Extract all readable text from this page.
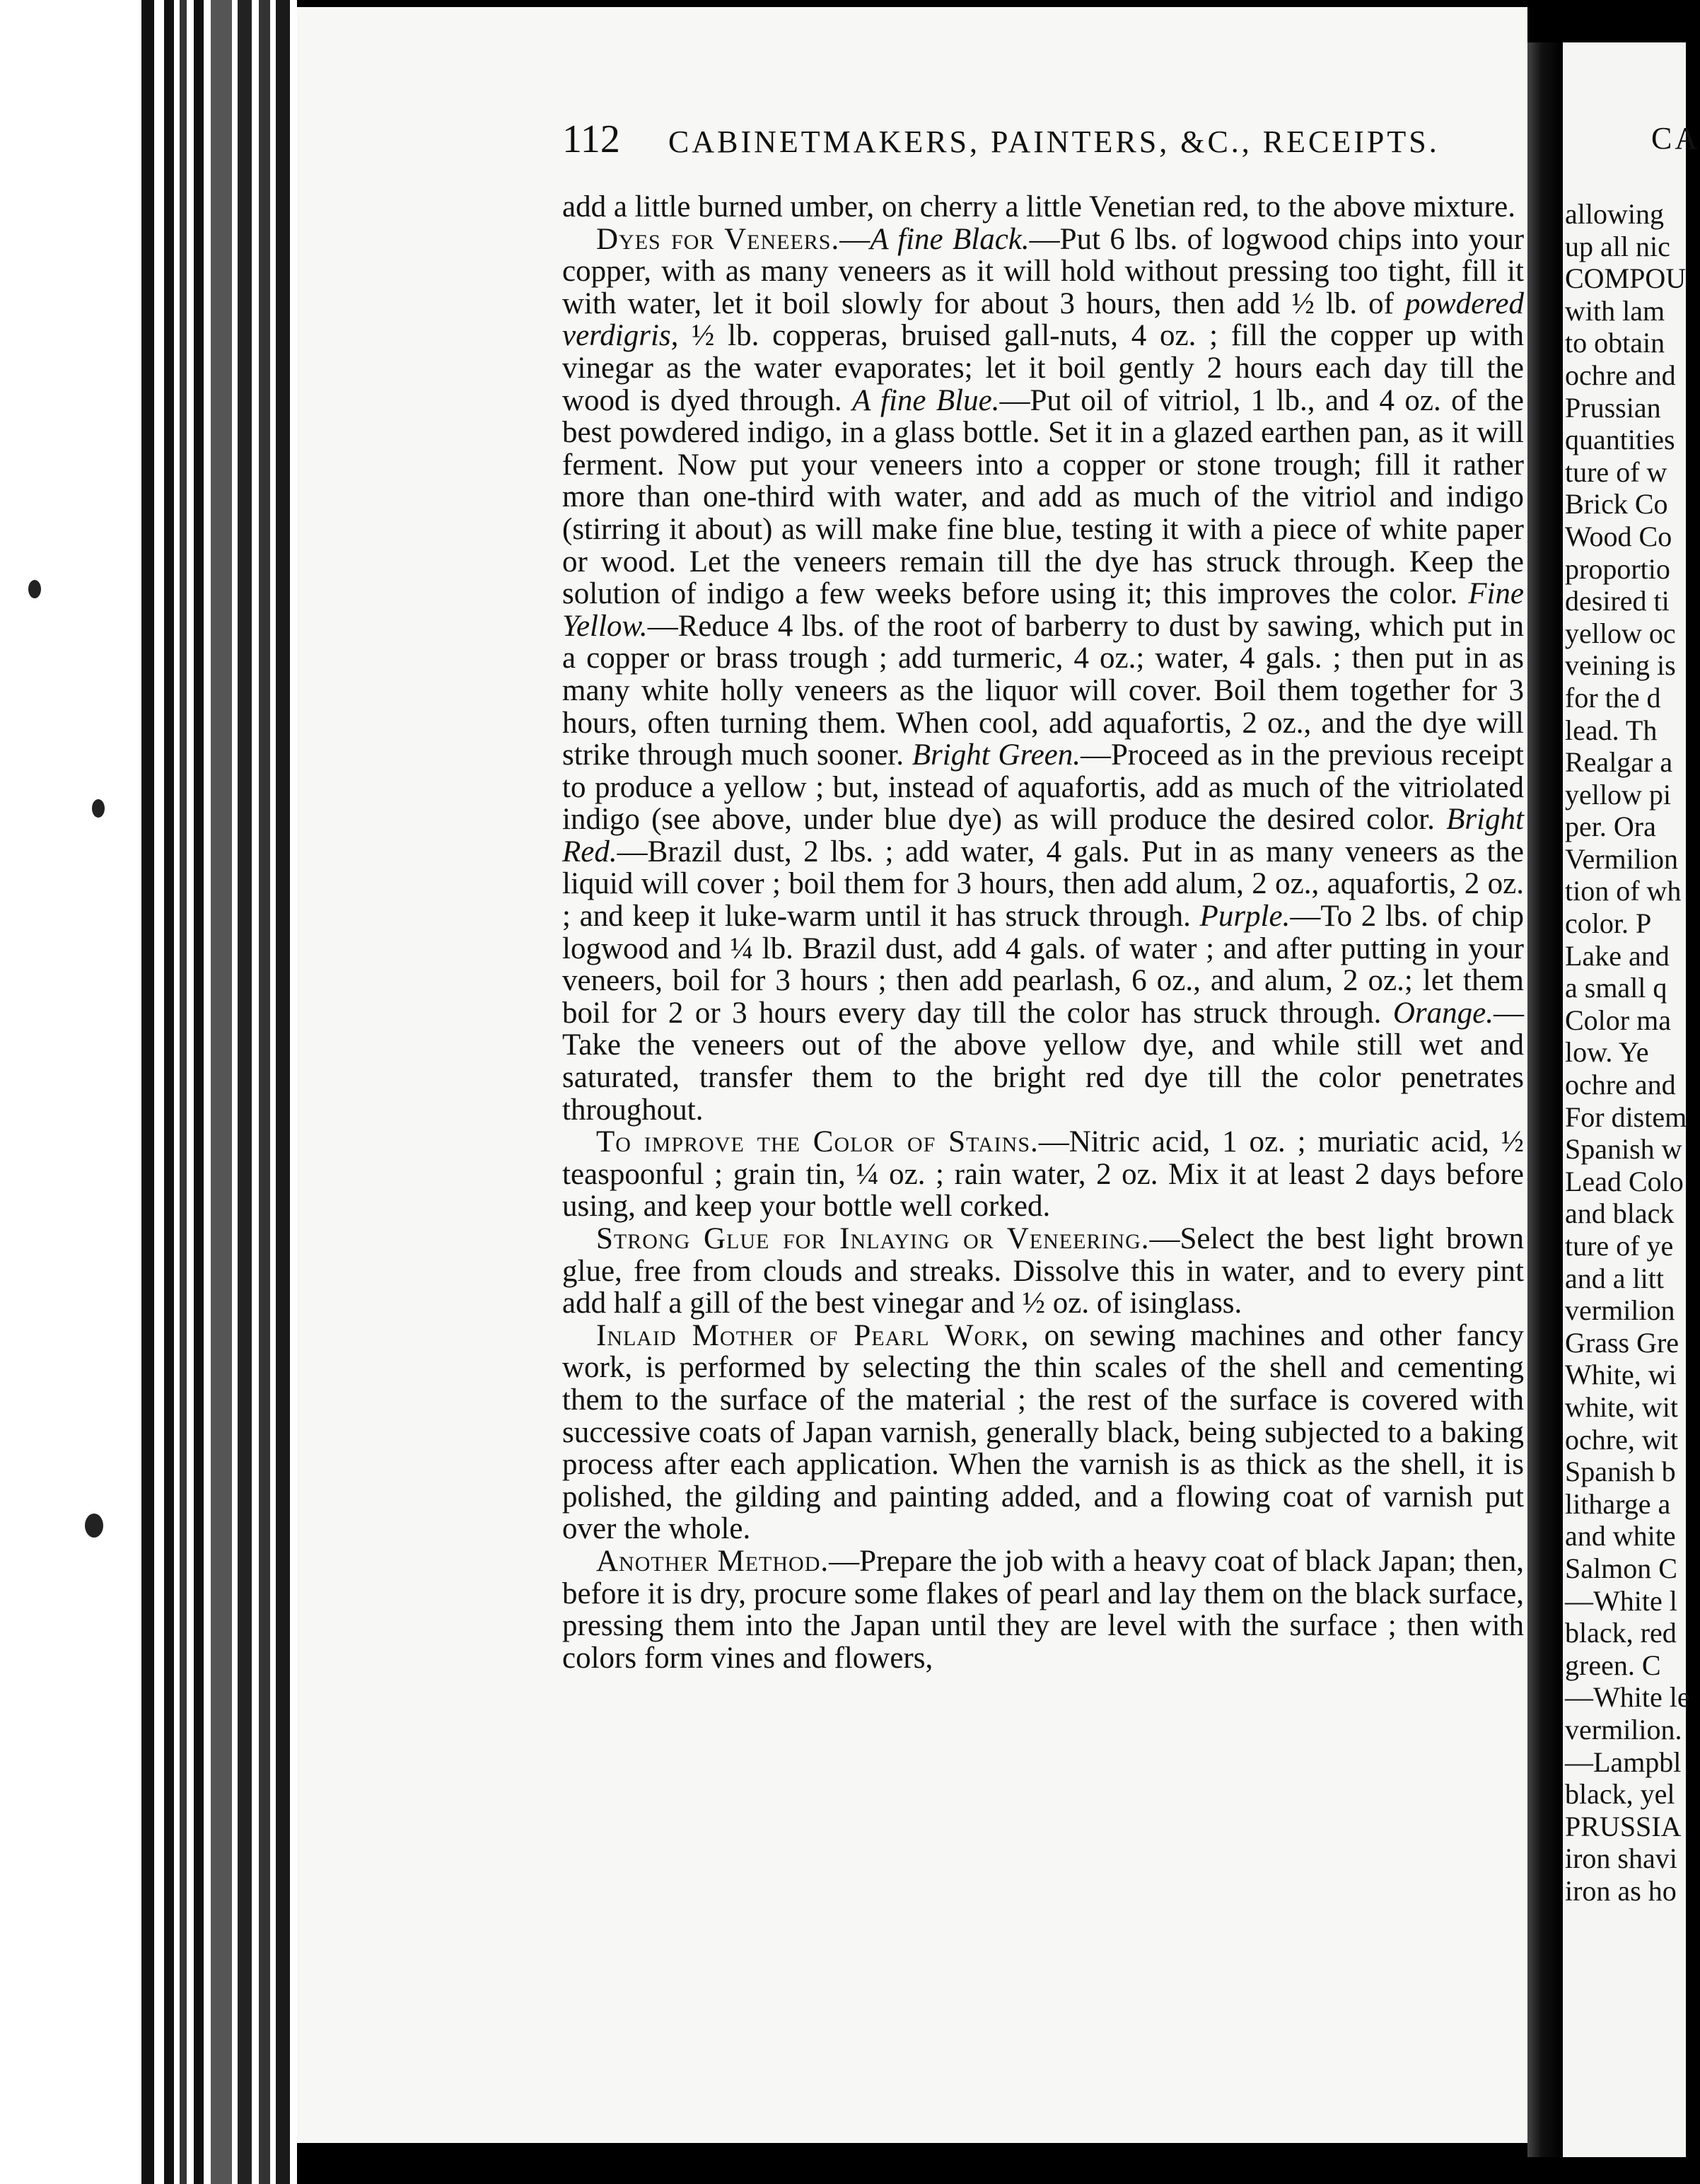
112 CABINETMAKERS, PAINTERS, &C., RECEIPTS.

add a little burned umber, on cherry a little Venetian red, to the above mixture.

Dyes for Veneers.—A fine Black.—Put 6 lbs. of logwood chips into your copper, with as many veneers as it will hold without pressing too tight, fill it with water, let it boil slowly for about 3 hours, then add ½ lb. of powdered verdigris, ½ lb. copperas, bruised gall-nuts, 4 oz. ; fill the copper up with vinegar as the water evaporates; let it boil gently 2 hours each day till the wood is dyed through. A fine Blue.—Put oil of vitriol, 1 lb., and 4 oz. of the best powdered indigo, in a glass bottle. Set it in a glazed earthen pan, as it will ferment. Now put your veneers into a copper or stone trough; fill it rather more than one-third with water, and add as much of the vitriol and indigo (stirring it about) as will make fine blue, testing it with a piece of white paper or wood. Let the veneers remain till the dye has struck through. Keep the solution of indigo a few weeks before using it; this improves the color. Fine Yellow.—Reduce 4 lbs. of the root of barberry to dust by sawing, which put in a copper or brass trough ; add turmeric, 4 oz.; water, 4 gals. ; then put in as many white holly veneers as the liquor will cover. Boil them together for 3 hours, often turning them. When cool, add aquafortis, 2 oz., and the dye will strike through much sooner. Bright Green.—Proceed as in the previous receipt to produce a yellow ; but, instead of aquafortis, add as much of the vitriolated indigo (see above, under blue dye) as will produce the desired color. Bright Red.—Brazil dust, 2 lbs. ; add water, 4 gals. Put in as many veneers as the liquid will cover ; boil them for 3 hours, then add alum, 2 oz., aquafortis, 2 oz. ; and keep it luke-warm until it has struck through. Purple.—To 2 lbs. of chip logwood and ¼ lb. Brazil dust, add 4 gals. of water ; and after putting in your veneers, boil for 3 hours ; then add pearlash, 6 oz., and alum, 2 oz.; let them boil for 2 or 3 hours every day till the color has struck through. Orange.—Take the veneers out of the above yellow dye, and while still wet and saturated, transfer them to the bright red dye till the color penetrates throughout.

To improve the Color of Stains.—Nitric acid, 1 oz. ; muriatic acid, ½ teaspoonful ; grain tin, ¼ oz. ; rain water, 2 oz. Mix it at least 2 days before using, and keep your bottle well corked.

Strong Glue for Inlaying or Veneering.—Select the best light brown glue, free from clouds and streaks. Dissolve this in water, and to every pint add half a gill of the best vinegar and ½ oz. of isinglass.

Inlaid Mother of Pearl Work, on sewing machines and other fancy work, is performed by selecting the thin scales of the shell and cementing them to the surface of the material ; the rest of the surface is covered with successive coats of Japan varnish, generally black, being subjected to a baking process after each application. When the varnish is as thick as the shell, it is polished, the gilding and painting added, and a flowing coat of varnish put over the whole.

Another Method.—Prepare the job with a heavy coat of black Japan; then, before it is dry, procure some flakes of pearl and lay them on the black surface, pressing them into the Japan until they are level with the surface ; then with colors form vines and flowers,

CA
allowing
up all nic
COMPOU
with lam
to obtain
ochre and
Prussian
quantities
ture of w
Brick Co
Wood Co
proportio
desired ti
yellow oc
veining is
for the d
lead. Th
Realgar a
yellow pi
per. Ora
Vermilion
tion of wh
color. P
Lake and
a small q
Color ma
low. Ye
ochre and
For distem
Spanish w
Lead Colo
and black
ture of ye
and a litt
vermilion
Grass Gre
White, wi
white, wit
ochre, wit
Spanish b
litharge a
and white
Salmon C
—White l
black, red
green. C
—White le
vermilion.
—Lampbl
black, yel
PRUSSIA
iron shavi
iron as ho
